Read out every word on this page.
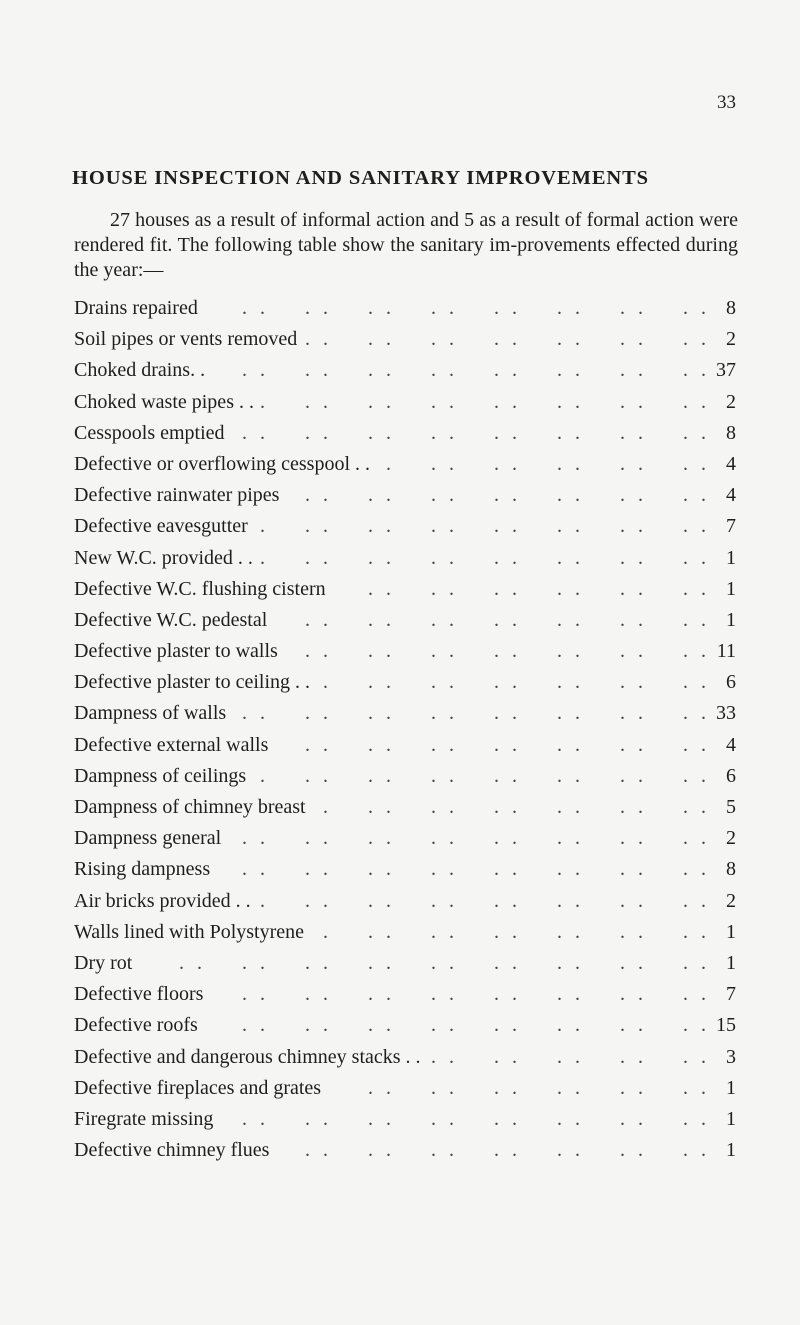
33
HOUSE INSPECTION AND SANITARY IMPROVEMENTS

27 houses as a result of informal action and 5 as a result of formal action were rendered fit. The following table show the sanitary im-provements effected during the year:—

. .
Drains repaired	8
. .
Soil pipes or vents removed	2
. .
Choked drains. .	37
. .
Choked waste pipes . .	2
. .
Cesspools emptied	8
. .
Defective or overflowing cesspool . .	4
. .
Defective rainwater pipes	4
. .
Defective eavesgutter	7
. .
New W.C. provided . .	1
. .
Defective W.C. flushing cistern	1
. .
Defective W.C. pedestal	1
. .
Defective plaster to walls	11
. .
Defective plaster to ceiling . .	6
. .
Dampness of walls	33
. .
Defective external walls	4
. .
Dampness of ceilings	6
. .
Dampness of chimney breast	5
. .
Dampness general	2
. .
Rising dampness	8
. .
Air bricks provided . .	2
. .
Walls lined with Polystyrene	1
. .
Dry rot	1
. .
Defective floors	7
. .
Defective roofs	15
. .
Defective and dangerous chimney stacks . .	3
. .
Defective fireplaces and grates	1
. .
Firegrate missing	1
. .
Defective chimney flues	1
